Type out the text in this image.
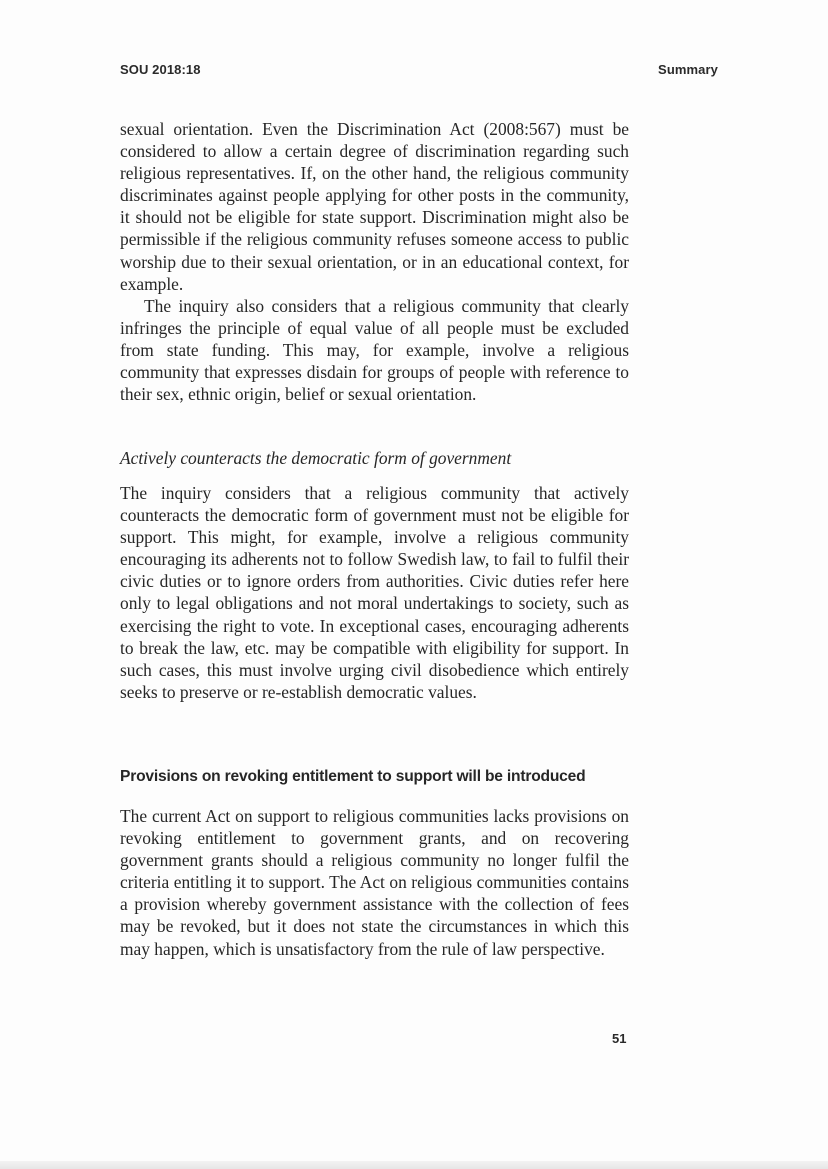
SOU 2018:18	Summary

sexual orientation. Even the Discrimination Act (2008:567) must be considered to allow a certain degree of discrimination regarding such religious representatives. If, on the other hand, the religious community discriminates against people applying for other posts in the community, it should not be eligible for state support. Discrimination might also be permissible if the religious community refuses someone access to public worship due to their sexual orientation, or in an educational context, for example.

The inquiry also considers that a religious community that clearly infringes the principle of equal value of all people must be excluded from state funding. This may, for example, involve a religious community that expresses disdain for groups of people with reference to their sex, ethnic origin, belief or sexual orientation.

Actively counteracts the democratic form of government

The inquiry considers that a religious community that actively counteracts the democratic form of government must not be eligible for support. This might, for example, involve a religious community encouraging its adherents not to follow Swedish law, to fail to fulfil their civic duties or to ignore orders from authorities. Civic duties refer here only to legal obligations and not moral undertakings to society, such as exercising the right to vote. In exceptional cases, encouraging adherents to break the law, etc. may be compatible with eligibility for support. In such cases, this must involve urging civil disobedience which entirely seeks to preserve or re-establish democratic values.

Provisions on revoking entitlement to support will be introduced

The current Act on support to religious communities lacks provisions on revoking entitlement to government grants, and on recovering government grants should a religious community no longer fulfil the criteria entitling it to support. The Act on religious communities contains a provision whereby government assistance with the collection of fees may be revoked, but it does not state the circumstances in which this may happen, which is unsatisfactory from the rule of law perspective.

51
